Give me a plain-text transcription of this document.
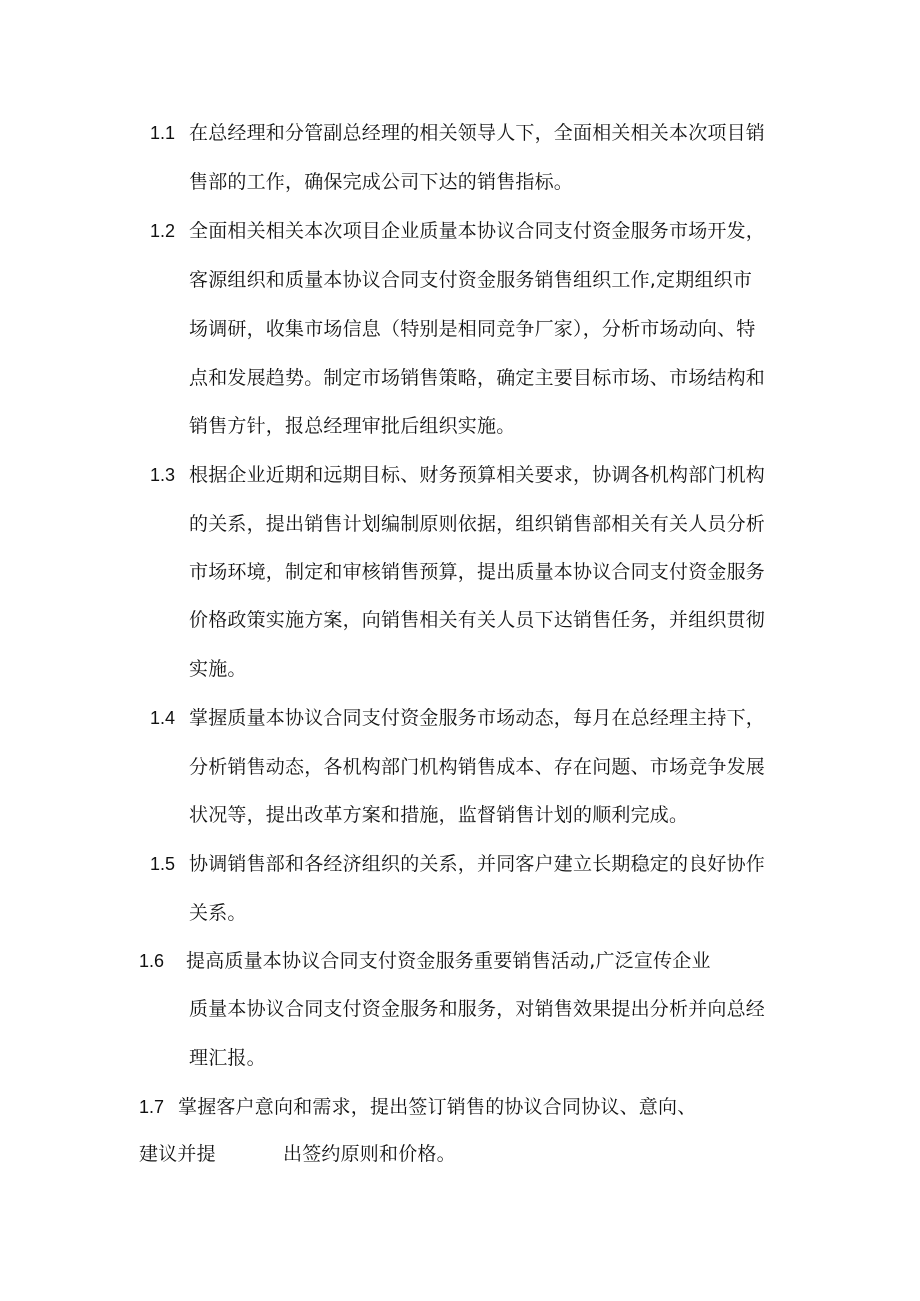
1.1 在总经理和分管副总经理的相关领导人下，全面相关相关本次项目销
售部的工作，确保完成公司下达的销售指标。
1.2 全面相关相关本次项目企业质量本协议合同支付资金服务市场开发，
客源组织和质量本协议合同支付资金服务销售组织工作,定期组织市
场调研，收集市场信息（特别是相同竞争厂家），分析市场动向、特
点和发展趋势。制定市场销售策略，确定主要目标市场、市场结构和
销售方针，报总经理审批后组织实施。
1.3 根据企业近期和远期目标、财务预算相关要求，协调各机构部门机构
的关系，提出销售计划编制原则依据，组织销售部相关有关人员分析
市场环境，制定和审核销售预算，提出质量本协议合同支付资金服务
价格政策实施方案，向销售相关有关人员下达销售任务，并组织贯彻
实施。
1.4 掌握质量本协议合同支付资金服务市场动态，每月在总经理主持下，
分析销售动态，各机构部门机构销售成本、存在问题、市场竞争发展
状况等，提出改革方案和措施，监督销售计划的顺利完成。
1.5 协调销售部和各经济组织的关系，并同客户建立长期稳定的良好协作
关系。
1.6 提高质量本协议合同支付资金服务重要销售活动,广泛宣传企业
质量本协议合同支付资金服务和服务，对销售效果提出分析并向总经
理汇报。
1.7 掌握客户意向和需求，提出签订销售的协议合同协议、意向、
建议并提	出签约原则和价格。
